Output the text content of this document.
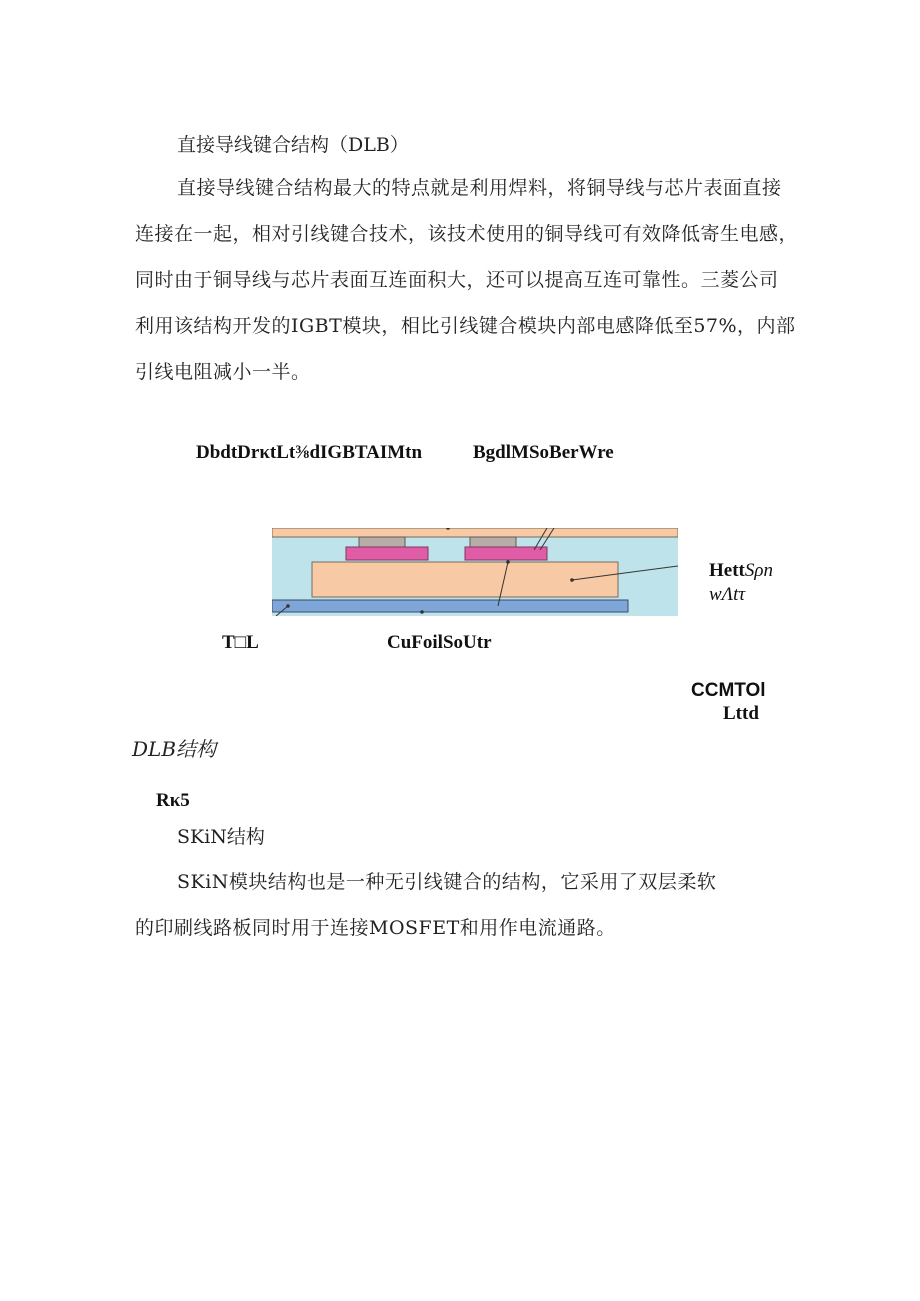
直接导线键合结构（DLB）
直接导线键合结构最大的特点就是利用焊料，将铜导线与芯片表面直接
连接在一起，相对引线键合技术，该技术使用的铜导线可有效降低寄生电感，
同时由于铜导线与芯片表面互连面积大，还可以提高互连可靠性。三菱公司
利用该结构开发的IGBT模块，相比引线键合模块内部电感降低至57%，内部
引线电阻减小一半。
DbdtDrκtLt⅜dIGBTAIMtn	BgdlMSoBerWre
HettSρn
wΛtτ
T□L	CuFoilSoUtr
CCMTOl
Lttd
DLB结构
Rκ5
SKiN结构
SKiN模块结构也是一种无引线键合的结构，它采用了双层柔软
的印刷线路板同时用于连接MOSFET和用作电流通路。
